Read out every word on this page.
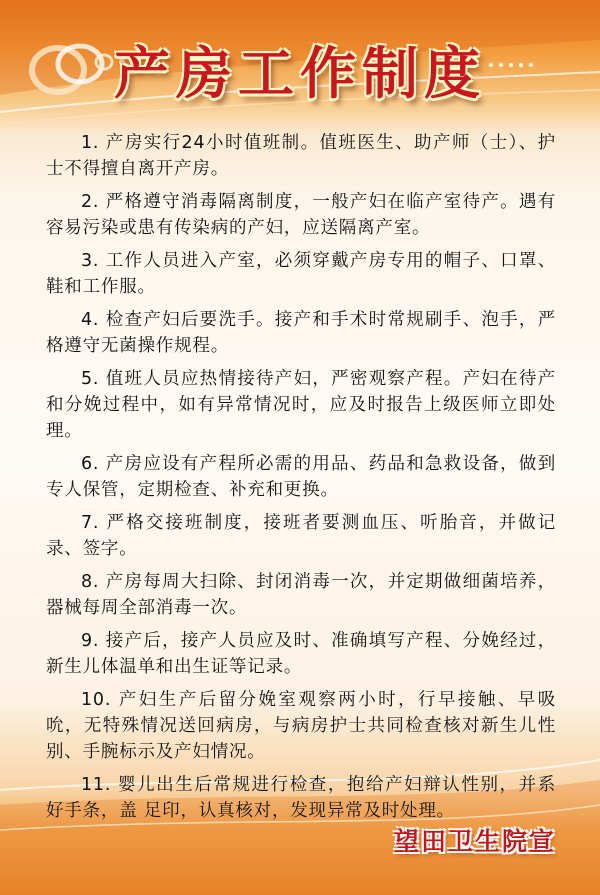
产房工作制度

1. 产房实行24小时值班制。值班医生、助产师（士）、护士不得擅自离开产房。

2. 严格遵守消毒隔离制度，一般产妇在临产室待产。遇有容易污染或患有传染病的产妇，应送隔离产室。

3. 工作人员进入产室，必须穿戴产房专用的帽子、口罩、鞋和工作服。

4. 检查产妇后要洗手。接产和手术时常规刷手、泡手，严格遵守无菌操作规程。

5. 值班人员应热情接待产妇，严密观察产程。产妇在待产和分娩过程中，如有异常情况时，应及时报告上级医师立即处理。

6. 产房应设有产程所必需的用品、药品和急救设备，做到专人保管，定期检查、补充和更换。

7. 严格交接班制度，接班者要测血压、听胎音，并做记录、签字。

8. 产房每周大扫除、封闭消毒一次，并定期做细菌培养，器械每周全部消毒一次。

9. 接产后，接产人员应及时、准确填写产程、分娩经过，新生儿体温单和出生证等记录。

10. 产妇生产后留分娩室观察两小时，行早接触、早吸吮，无特殊情况送回病房，与病房护士共同检查核对新生儿性别、手腕标示及产妇情况。

11. 婴儿出生后常规进行检查，抱给产妇辩认性别，并系好手条，盖 足印，认真核对，发现异常及时处理。

望田卫生院宣
